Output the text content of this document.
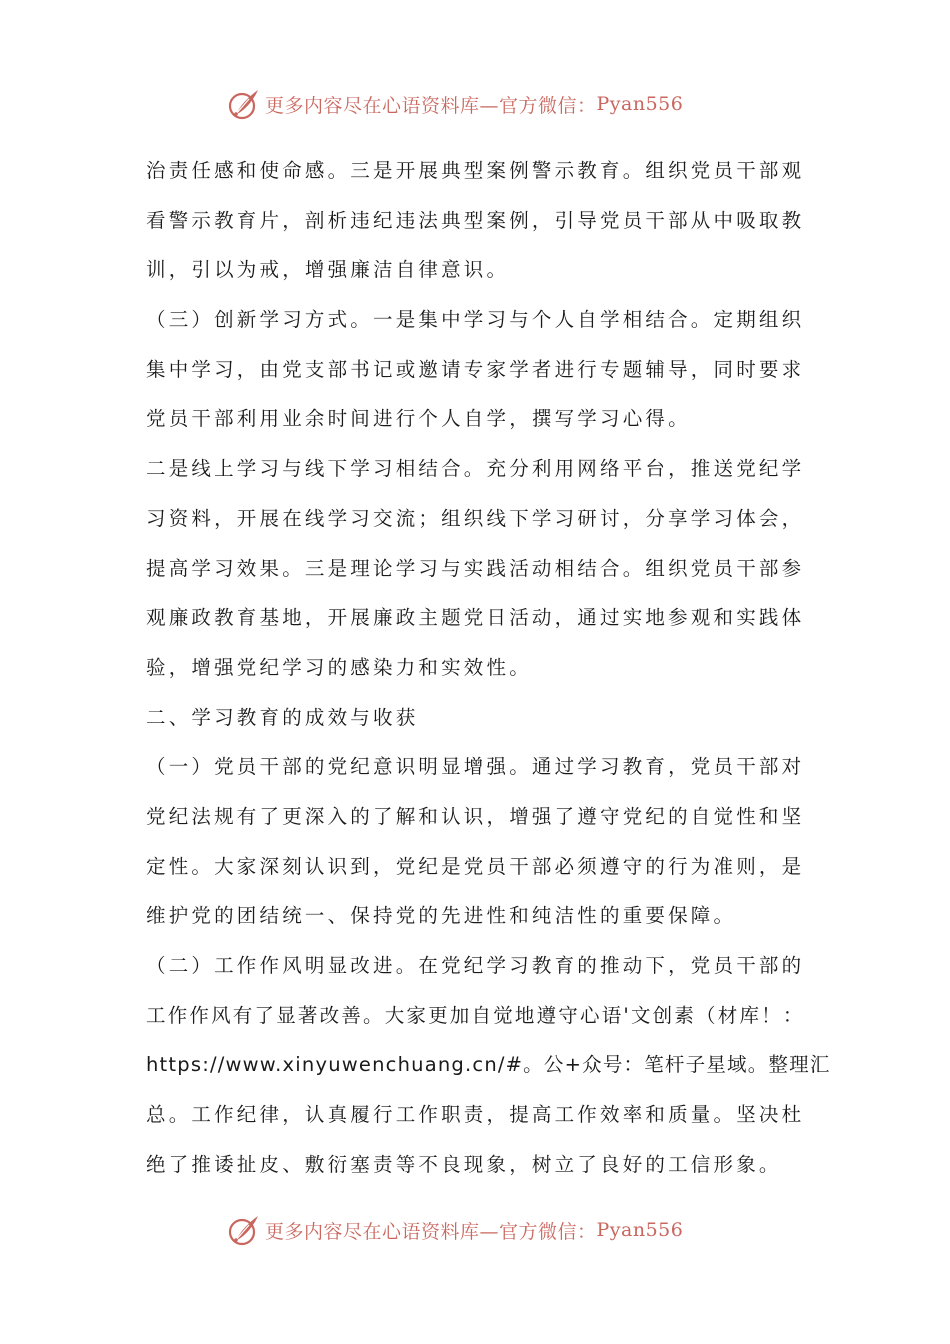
更多内容尽在心语资料库—官方微信： Pyan556
治责任感和使命感。三是开展典型案例警示教育。组织党员干部观
看警示教育片，剖析违纪违法典型案例，引导党员干部从中吸取教
训，引以为戒，增强廉洁自律意识。
（三）创新学习方式。一是集中学习与个人自学相结合。定期组织
集中学习，由党支部书记或邀请专家学者进行专题辅导，同时要求
党员干部利用业余时间进行个人自学，撰写学习心得。
二是线上学习与线下学习相结合。充分利用网络平台，推送党纪学
习资料，开展在线学习交流；组织线下学习研讨，分享学习体会，
提高学习效果。三是理论学习与实践活动相结合。组织党员干部参
观廉政教育基地，开展廉政主题党日活动，通过实地参观和实践体
验，增强党纪学习的感染力和实效性。
二、学习教育的成效与收获
（一）党员干部的党纪意识明显增强。通过学习教育，党员干部对
党纪法规有了更深入的了解和认识，增强了遵守党纪的自觉性和坚
定性。大家深刻认识到，党纪是党员干部必须遵守的行为准则，是
维护党的团结统一、保持党的先进性和纯洁性的重要保障。
（二）工作作风明显改进。在党纪学习教育的推动下，党员干部的
工作作风有了显著改善。大家更加自觉地遵守心语'文创素（材库！：
https://www.xinyuwenchuang.cn/#。公+众号：笔杆子星域。整理汇
总。工作纪律，认真履行工作职责，提高工作效率和质量。坚决杜
绝了推诿扯皮、敷衍塞责等不良现象，树立了良好的工信形象。
更多内容尽在心语资料库—官方微信： Pyan556
